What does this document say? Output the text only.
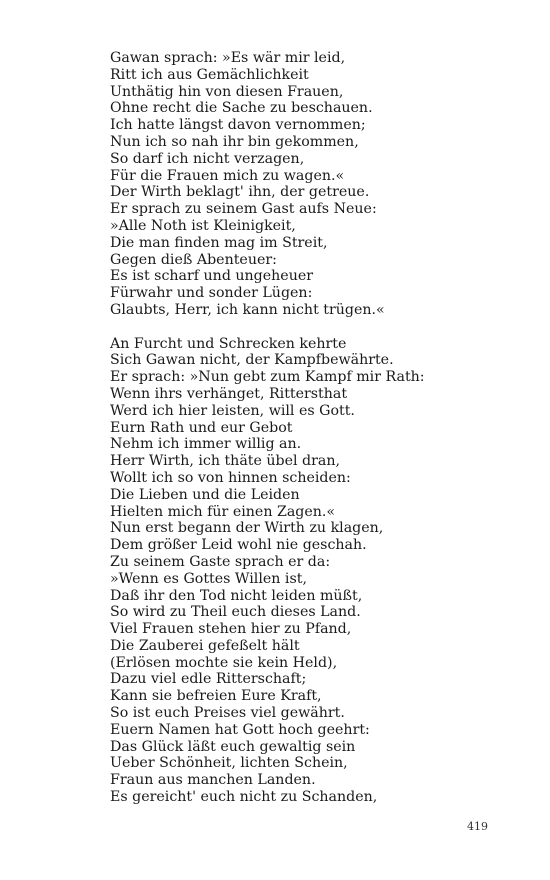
Gawan sprach: »Es wär mir leid,
Ritt ich aus Gemächlichkeit
Unthätig hin von diesen Frauen,
Ohne recht die Sache zu beschauen.
Ich hatte längst davon vernommen;
Nun ich so nah ihr bin gekommen,
So darf ich nicht verzagen,
Für die Frauen mich zu wagen.«
Der Wirth beklagt' ihn, der getreue.
Er sprach zu seinem Gast aufs Neue:
»Alle Noth ist Kleinigkeit,
Die man finden mag im Streit,
Gegen dieß Abenteuer:
Es ist scharf und ungeheuer
Fürwahr und sonder Lügen:
Glaubts, Herr, ich kann nicht trügen.«
An Furcht und Schrecken kehrte
Sich Gawan nicht, der Kampfbewährte.
Er sprach: »Nun gebt zum Kampf mir Rath:
Wenn ihrs verhänget, Rittersthat
Werd ich hier leisten, will es Gott.
Eurn Rath und eur Gebot
Nehm ich immer willig an.
Herr Wirth, ich thäte übel dran,
Wollt ich so von hinnen scheiden:
Die Lieben und die Leiden
Hielten mich für einen Zagen.«
Nun erst begann der Wirth zu klagen,
Dem größer Leid wohl nie geschah.
Zu seinem Gaste sprach er da:
»Wenn es Gottes Willen ist,
Daß ihr den Tod nicht leiden müßt,
So wird zu Theil euch dieses Land.
Viel Frauen stehen hier zu Pfand,
Die Zauberei gefeßelt hält
(Erlösen mochte sie kein Held),
Dazu viel edle Ritterschaft;
Kann sie befreien Eure Kraft,
So ist euch Preises viel gewährt.
Euern Namen hat Gott hoch geehrt:
Das Glück läßt euch gewaltig sein
Ueber Schönheit, lichten Schein,
Fraun aus manchen Landen.
Es gereicht' euch nicht zu Schanden,
419
